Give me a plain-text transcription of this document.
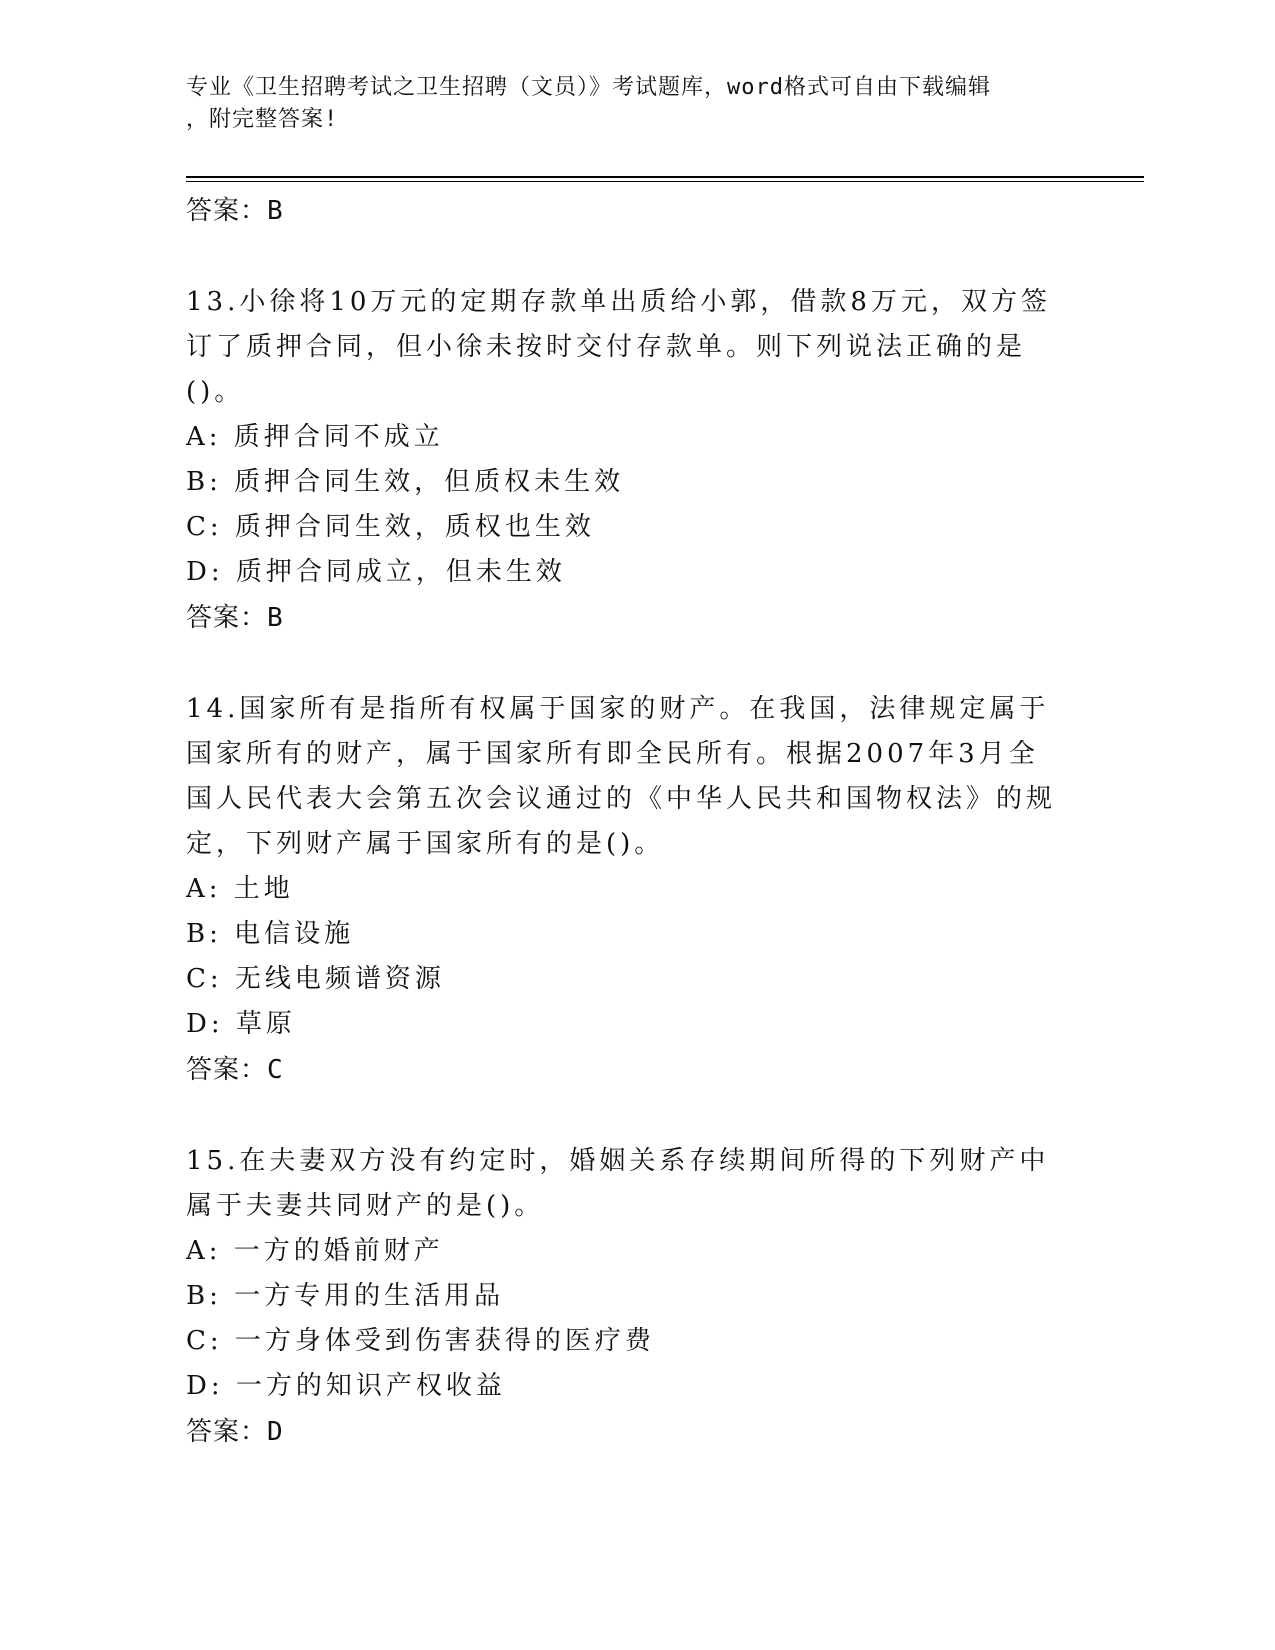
专业《卫生招聘考试之卫生招聘（文员）》考试题库，word格式可自由下载编辑
，附完整答案!
答案：B
13.小徐将10万元的定期存款单出质给小郭，借款8万元，双方签订了质押合同，但小徐未按时交付存款单。则下列说法正确的是()。
A: 质押合同不成立
B: 质押合同生效，但质权未生效
C: 质押合同生效，质权也生效
D: 质押合同成立，但未生效
答案：B
14.国家所有是指所有权属于国家的财产。在我国，法律规定属于国家所有的财产，属于国家所有即全民所有。根据2007年3月全国人民代表大会第五次会议通过的《中华人民共和国物权法》的规定，下列财产属于国家所有的是()。
A: 土地
B: 电信设施
C: 无线电频谱资源
D: 草原
答案：C
15.在夫妻双方没有约定时，婚姻关系存续期间所得的下列财产中属于夫妻共同财产的是()。
A: 一方的婚前财产
B: 一方专用的生活用品
C: 一方身体受到伤害获得的医疗费
D: 一方的知识产权收益
答案：D
